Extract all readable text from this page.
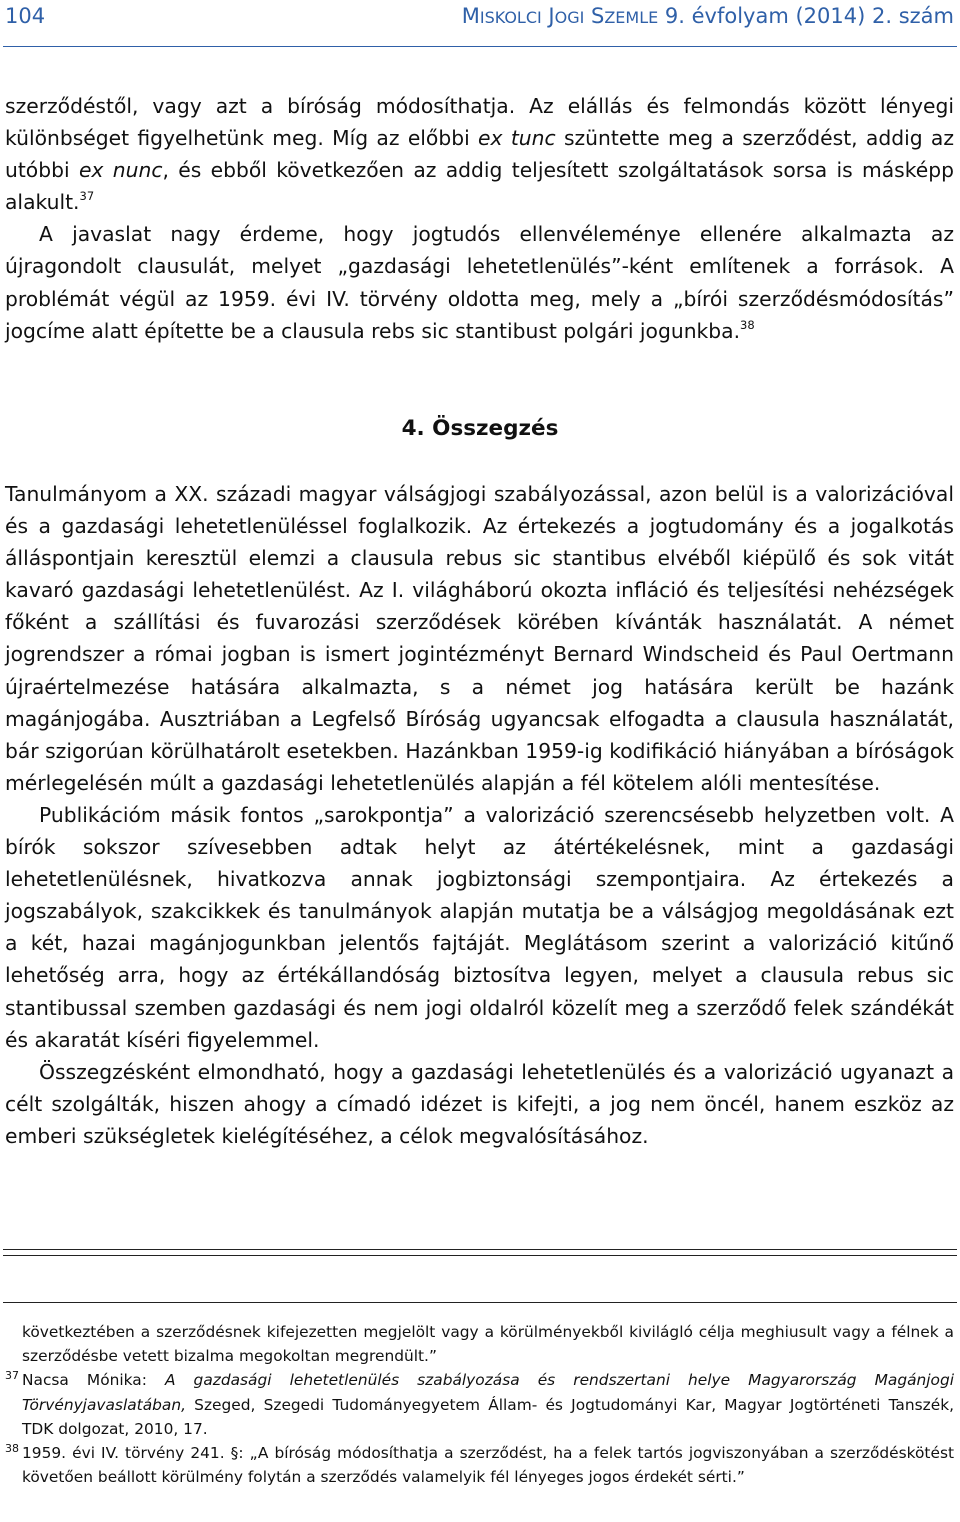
104	MISKOLCI JOGI SZEMLE 9. évfolyam (2014) 2. szám

szerződéstől, vagy azt a bíróság módosíthatja. Az elállás és felmondás között lényegi különbséget figyelhetünk meg. Míg az előbbi ex tunc szüntette meg a szerződést, addig az utóbbi ex nunc, és ebből következően az addig teljesített szolgáltatások sorsa is másképp alakult.$^{37}$

A javaslat nagy érdeme, hogy jogtudós ellenvéleménye ellenére alkalmazta az újragondolt clausulát, melyet „gazdasági lehetetlenülés”-ként említenek a források. A problémát végül az 1959. évi IV. törvény oldotta meg, mely a „bírói szerződésmódosítás” jogcíme alatt építette be a clausula rebs sic stantibust polgári jogunkba.$^{38}$

4. Összegzés

Tanulmányom a XX. századi magyar válságjogi szabályozással, azon belül is a valorizációval és a gazdasági lehetetlenüléssel foglalkozik. Az értekezés a jogtudomány és a jogalkotás álláspontjain keresztül elemzi a clausula rebus sic stantibus elvéből kiépülő és sok vitát kavaró gazdasági lehetetlenülést. Az I. világháború okozta infláció és teljesítési nehézségek főként a szállítási és fuvarozási szerződések körében kívánták használatát. A német jogrendszer a római jogban is ismert jogintézményt Bernard Windscheid és Paul Oertmann újraértelmezése hatására alkalmazta, s a német jog hatására került be hazánk magánjogába. Ausztriában a Legfelső Bíróság ugyancsak elfogadta a clausula használatát, bár szigorúan körülhatárolt esetekben. Hazánkban 1959-ig kodifikáció hiányában a bíróságok mérlegelésén múlt a gazdasági lehetetlenülés alapján a fél kötelem alóli mentesítése.

Publikációm másik fontos „sarokpontja” a valorizáció szerencsésebb helyzetben volt. A bírók sokszor szívesebben adtak helyt az átértékelésnek, mint a gazdasági lehetetlenülésnek, hivatkozva annak jogbiztonsági szempontjaira. Az értekezés a jogszabályok, szakcikkek és tanulmányok alapján mutatja be a válságjog megoldásának ezt a két, hazai magánjogunkban jelentős fajtáját. Meglátásom szerint a valorizáció kitűnő lehetőség arra, hogy az értékállandóság biztosítva legyen, melyet a clausula rebus sic stantibussal szemben gazdasági és nem jogi oldalról közelít meg a szerződő felek szándékát és akaratát kíséri figyelemmel.

Összegzésként elmondható, hogy a gazdasági lehetetlenülés és a valorizáció ugyanazt a célt szolgálták, hiszen ahogy a címadó idézet is kifejti, a jog nem öncél, hanem eszköz az emberi szükségletek kielégítéséhez, a célok megvalósításához.

következtében a szerződésnek kifejezetten megjelölt vagy a körülményekből kivilágló célja meghiusult vagy a félnek a szerződésbe vetett bizalma megokoltan megrendült.”

37 Nacsa Mónika: A gazdasági lehetetlenülés szabályozása és rendszertani helye Magyarország Magánjogi Törvényjavaslatában, Szeged, Szegedi Tudományegyetem Állam- és Jogtudományi Kar, Magyar Jogtörténeti Tanszék, TDK dolgozat, 2010, 17.

38 1959. évi IV. törvény 241. §: „A bíróság módosíthatja a szerződést, ha a felek tartós jogviszonyában a szerződéskötést követően beállott körülmény folytán a szerződés valamelyik fél lényeges jogos érdekét sérti.”
